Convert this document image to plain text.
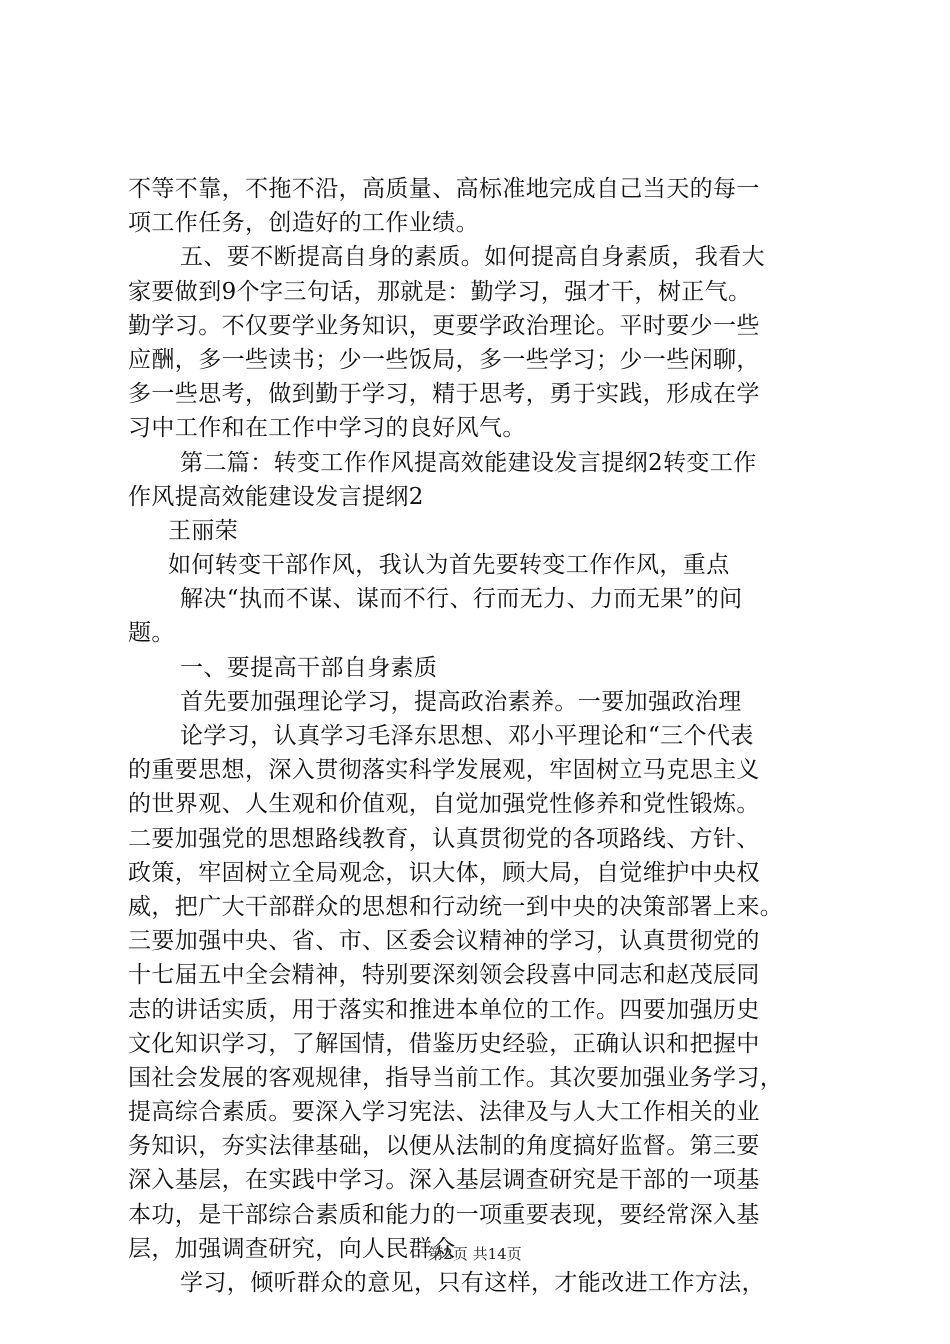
不等不靠，不拖不沿，高质量、高标准地完成自己当天的每一
项工作任务，创造好的工作业绩。
五、要不断提高自身的素质。如何提高自身素质，我看大
家要做到9个字三句话，那就是：勤学习，强才干，树正气。
勤学习。不仅要学业务知识，更要学政治理论。平时要少一些
应酬，多一些读书；少一些饭局，多一些学习；少一些闲聊，
多一些思考，做到勤于学习，精于思考，勇于实践，形成在学
习中工作和在工作中学习的良好风气。
第二篇：转变工作作风提高效能建设发言提纲2转变工作
作风提高效能建设发言提纲2
王丽荣
如何转变干部作风，我认为首先要转变工作作风，重点
解决“执而不谋、谋而不行、行而无力、力而无果”的问
题。
一、要提高干部自身素质
首先要加强理论学习，提高政治素养。一要加强政治理
论学习，认真学习毛泽东思想、邓小平理论和“三个代表
的重要思想，深入贯彻落实科学发展观，牢固树立马克思主义
的世界观、人生观和价值观，自觉加强党性修养和党性锻炼。
二要加强党的思想路线教育，认真贯彻党的各项路线、方针、
政策，牢固树立全局观念，识大体，顾大局，自觉维护中央权
威，把广大干部群众的思想和行动统一到中央的决策部署上来。
三要加强中央、省、市、区委会议精神的学习，认真贯彻党的
十七届五中全会精神，特别要深刻领会段喜中同志和赵茂辰同
志的讲话实质，用于落实和推进本单位的工作。四要加强历史
文化知识学习，了解国情，借鉴历史经验，正确认识和把握中
国社会发展的客观规律，指导当前工作。其次要加强业务学习，
提高综合素质。要深入学习宪法、法律及与人大工作相关的业
务知识，夯实法律基础，以便从法制的角度搞好监督。第三要
深入基层，在实践中学习。深入基层调查研究是干部的一项基
本功，是干部综合素质和能力的一项重要表现，要经常深入基
层，加强调查研究，向人民群众
学习，倾听群众的意见，只有这样，才能改进工作方法，
第2页 共14页
